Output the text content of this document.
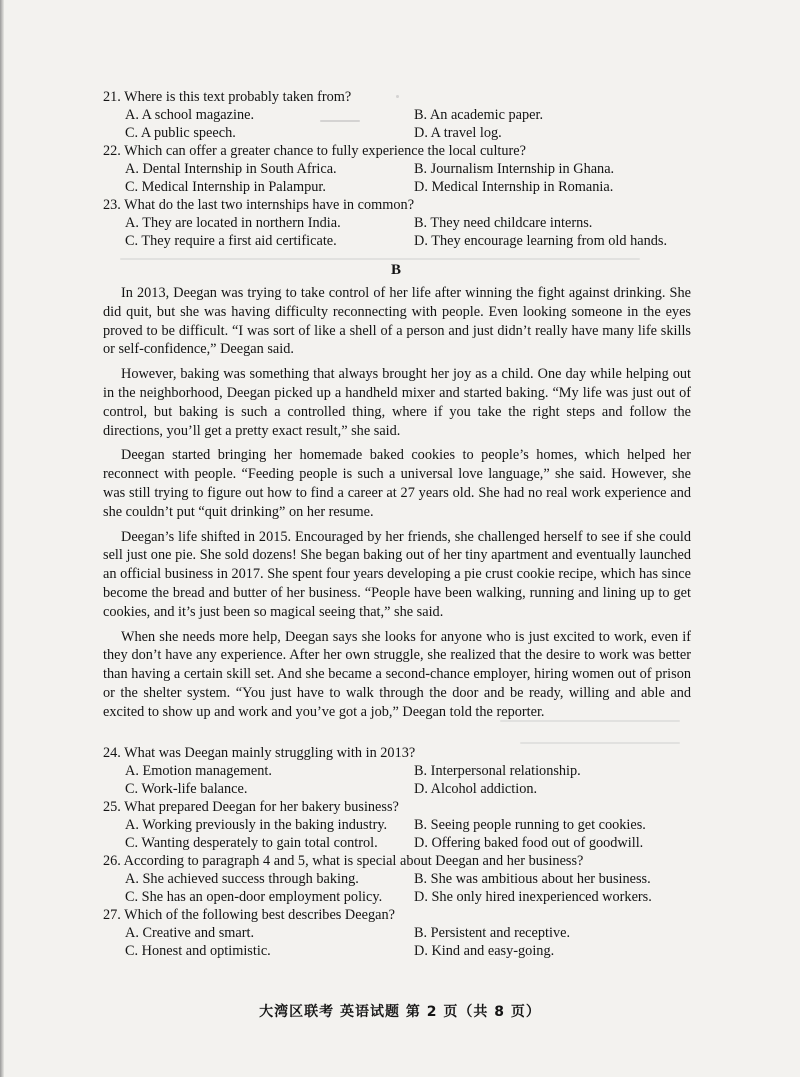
21. Where is this text probably taken from?
A. A school magazine.	B. An academic paper.
C. A public speech.	D. A travel log.
22. Which can offer a greater chance to fully experience the local culture?
A. Dental Internship in South Africa.	B. Journalism Internship in Ghana.
C. Medical Internship in Palampur.	D. Medical Internship in Romania.
23. What do the last two internships have in common?
A. They are located in northern India.	B. They need childcare interns.
C. They require a first aid certificate.	D. They encourage learning from old hands.
B

In 2013, Deegan was trying to take control of her life after winning the fight against drinking. She did quit, but she was having difficulty reconnecting with people. Even looking someone in the eyes proved to be difficult. “I was sort of like a shell of a person and just didn’t really have many life skills or self-confidence,” Deegan said.

However, baking was something that always brought her joy as a child. One day while helping out in the neighborhood, Deegan picked up a handheld mixer and started baking. “My life was just out of control, but baking is such a controlled thing, where if you take the right steps and follow the directions, you’ll get a pretty exact result,” she said.

Deegan started bringing her homemade baked cookies to people’s homes, which helped her reconnect with people. “Feeding people is such a universal love language,” she said. However, she was still trying to figure out how to find a career at 27 years old. She had no real work experience and she couldn’t put “quit drinking” on her resume.

Deegan’s life shifted in 2015. Encouraged by her friends, she challenged herself to see if she could sell just one pie. She sold dozens! She began baking out of her tiny apartment and eventually launched an official business in 2017. She spent four years developing a pie crust cookie recipe, which has since become the bread and butter of her business. “People have been walking, running and lining up to get cookies, and it’s just been so magical seeing that,” she said.

When she needs more help, Deegan says she looks for anyone who is just excited to work, even if they don’t have any experience. After her own struggle, she realized that the desire to work was better than having a certain skill set. And she became a second-chance employer, hiring women out of prison or the shelter system. “You just have to walk through the door and be ready, willing and able and excited to show up and work and you’ve got a job,” Deegan told the reporter.

24. What was Deegan mainly struggling with in 2013?
A. Emotion management.	B. Interpersonal relationship.
C. Work-life balance.	D. Alcohol addiction.
25. What prepared Deegan for her bakery business?
A. Working previously in the baking industry. B. Seeing people running to get cookies.
C. Wanting desperately to gain total control.	D. Offering baked food out of goodwill.
26. According to paragraph 4 and 5, what is special about Deegan and her business?
A. She achieved success through baking.	B. She was ambitious about her business.
C. She has an open-door employment policy. D. She only hired inexperienced workers.
27. Which of the following best describes Deegan?
A. Creative and smart.	B. Persistent and receptive.
C. Honest and optimistic.	D. Kind and easy-going.
大湾区联考 英语试题 第 2 页（共 8 页）
